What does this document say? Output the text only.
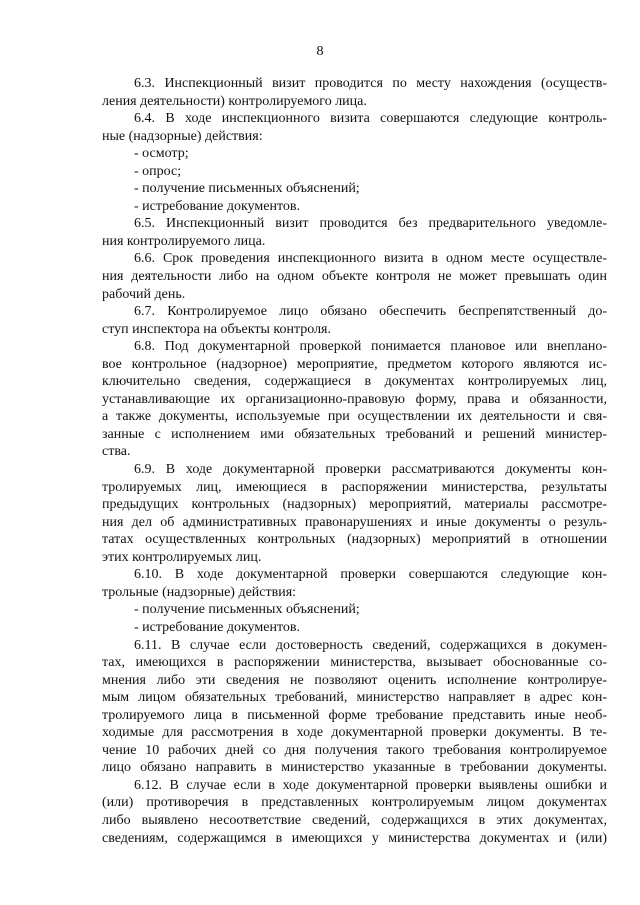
8
6.3. Инспекционный визит проводится по месту нахождения (осуществ-
ления деятельности) контролируемого лица.
6.4. В ходе инспекционного визита совершаются следующие контроль-
ные (надзорные) действия:
- осмотр;
- опрос;
- получение письменных объяснений;
- истребование документов.
6.5. Инспекционный визит проводится без предварительного уведомле-
ния контролируемого лица.
6.6. Срок проведения инспекционного визита в одном месте осуществле-
ния деятельности либо на одном объекте контроля не может превышать один
рабочий день.
6.7. Контролируемое лицо обязано обеспечить беспрепятственный до-
ступ инспектора на объекты контроля.
6.8. Под документарной проверкой понимается плановое или внеплано-
вое контрольное (надзорное) мероприятие, предметом которого являются ис-
ключительно сведения, содержащиеся в документах контролируемых лиц,
устанавливающие их организационно-правовую форму, права и обязанности,
а также документы, используемые при осуществлении их деятельности и свя-
занные с исполнением ими обязательных требований и решений министер-
ства.
6.9. В ходе документарной проверки рассматриваются документы кон-
тролируемых лиц, имеющиеся в распоряжении министерства, результаты
предыдущих контрольных (надзорных) мероприятий, материалы рассмотре-
ния дел об административных правонарушениях и иные документы о резуль-
татах осуществленных контрольных (надзорных) мероприятий в отношении
этих контролируемых лиц.
6.10. В ходе документарной проверки совершаются следующие кон-
трольные (надзорные) действия:
- получение письменных объяснений;
- истребование документов.
6.11. В случае если достоверность сведений, содержащихся в докумен-
тах, имеющихся в распоряжении министерства, вызывает обоснованные со-
мнения либо эти сведения не позволяют оценить исполнение контролируе-
мым лицом обязательных требований, министерство направляет в адрес кон-
тролируемого лица в письменной форме требование представить иные необ-
ходимые для рассмотрения в ходе документарной проверки документы. В те-
чение 10 рабочих дней со дня получения такого требования контролируемое
лицо обязано направить в министерство указанные в требовании документы.
6.12. В случае если в ходе документарной проверки выявлены ошибки и
(или) противоречия в представленных контролируемым лицом документах
либо выявлено несоответствие сведений, содержащихся в этих документах,
сведениям, содержащимся в имеющихся у министерства документах и (или)
